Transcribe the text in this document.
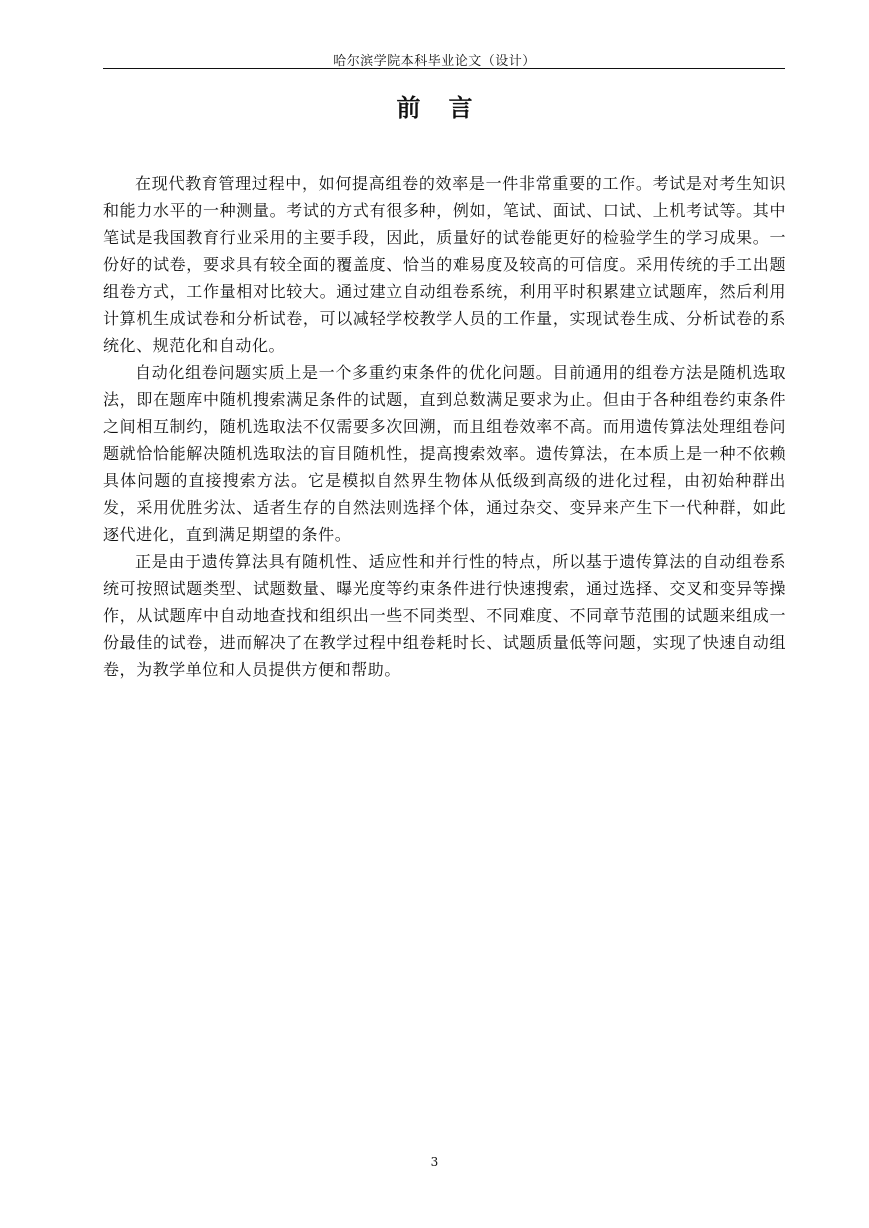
哈尔滨学院本科毕业论文（设计）
前言

在现代教育管理过程中，如何提高组卷的效率是一件非常重要的工作。考试是对考生知识和能力水平的一种测量。考试的方式有很多种，例如，笔试、面试、口试、上机考试等。其中笔试是我国教育行业采用的主要手段，因此，质量好的试卷能更好的检验学生的学习成果。一份好的试卷，要求具有较全面的覆盖度、恰当的难易度及较高的可信度。采用传统的手工出题组卷方式，工作量相对比较大。通过建立自动组卷系统，利用平时积累建立试题库，然后利用计算机生成试卷和分析试卷，可以减轻学校教学人员的工作量，实现试卷生成、分析试卷的系统化、规范化和自动化。

自动化组卷问题实质上是一个多重约束条件的优化问题。目前通用的组卷方法是随机选取法，即在题库中随机搜索满足条件的试题，直到总数满足要求为止。但由于各种组卷约束条件之间相互制约，随机选取法不仅需要多次回溯，而且组卷效率不高。而用遗传算法处理组卷问题就恰恰能解决随机选取法的盲目随机性，提高搜索效率。遗传算法，在本质上是一种不依赖具体问题的直接搜索方法。它是模拟自然界生物体从低级到高级的进化过程，由初始种群出发，采用优胜劣汰、适者生存的自然法则选择个体，通过杂交、变异来产生下一代种群，如此逐代进化，直到满足期望的条件。

正是由于遗传算法具有随机性、适应性和并行性的特点，所以基于遗传算法的自动组卷系统可按照试题类型、试题数量、曝光度等约束条件进行快速搜索，通过选择、交叉和变异等操作，从试题库中自动地查找和组织出一些不同类型、不同难度、不同章节范围的试题来组成一份最佳的试卷，进而解决了在教学过程中组卷耗时长、试题质量低等问题，实现了快速自动组卷，为教学单位和人员提供方便和帮助。

3
